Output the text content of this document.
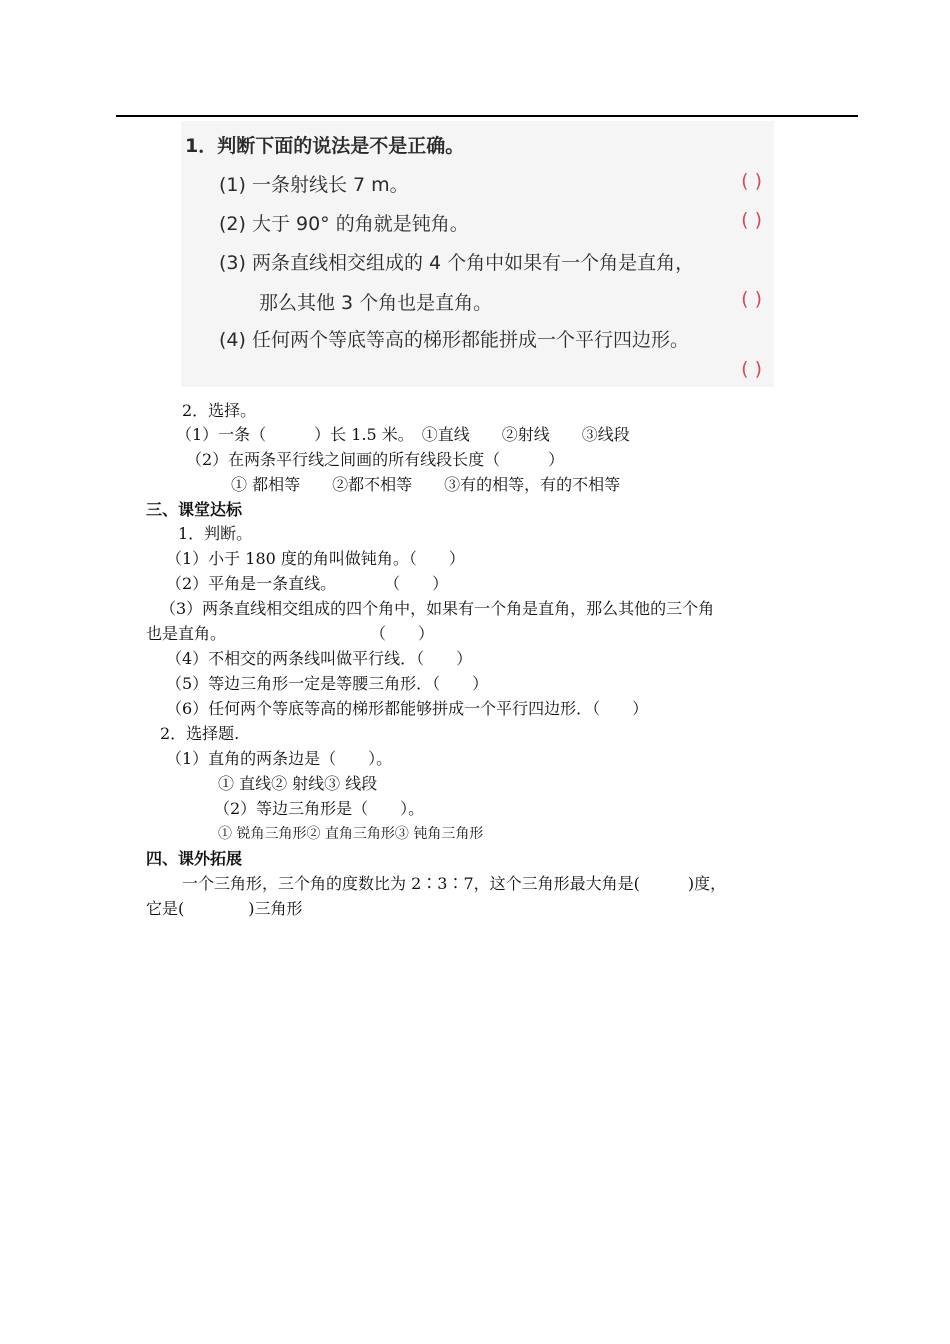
1．判断下面的说法是不是正确。
(1) 一条射线长 7 m。	( )
(2) 大于 90° 的角就是钝角。	( )
(3) 两条直线相交组成的 4 个角中如果有一个角是直角，
那么其他 3 个角也是直角。	( )
(4) 任何两个等底等高的梯形都能拼成一个平行四边形。
( )
2．选择。
（1）一条（　　　）长 1.5 米。　①直线　　②射线　　③线段
（2）在两条平行线之间画的所有线段长度（　　　）
① 都相等　　②都不相等　　③有的相等，有的不相等
三、课堂达标
1．判断。
（1）小于 180 度的角叫做钝角。（　　）
（2）平角是一条直线。　　　　（　　）
（3）两条直线相交组成的四个角中，如果有一个角是直角，那么其他的三个角
也是直角。　　　　　　　　　　（　　）
（4）不相交的两条线叫做平行线．（　　）
（5）等边三角形一定是等腰三角形．（　　）
（6）任何两个等底等高的梯形都能够拼成一个平行四边形．（　　）
2．选择题.
（1）直角的两条边是（　　）。
① 直线② 射线③ 线段
（2）等边三角形是（　　）。
① 锐角三角形② 直角三角形③ 钝角三角形
四、课外拓展
一个三角形，三个角的度数比为 2∶3∶7，这个三角形最大角是(　　　)度，
它是(　　　　)三角形
